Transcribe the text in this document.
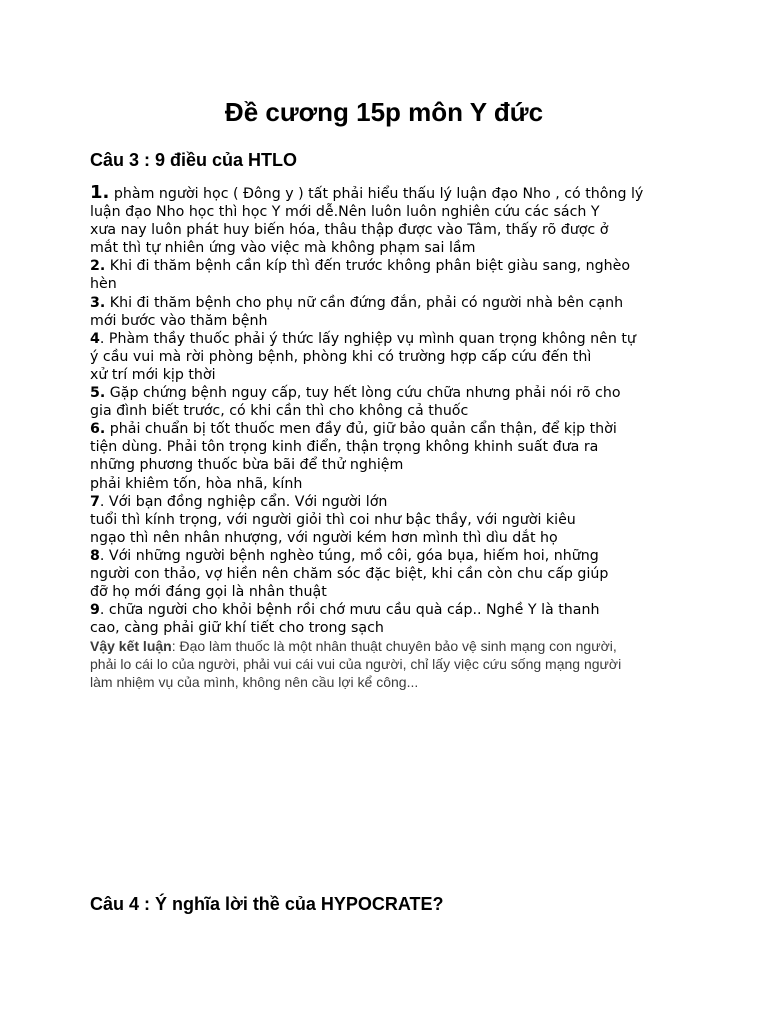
Đề cương 15p môn Y đức
Câu 3 : 9 điều của HTLO
1. phàm người học ( Đông y ) tất phải hiểu thấu lý luận đạo Nho , có thông lý
luận đạo Nho học thì học Y mới dễ.Nên luôn luôn nghiên cứu các sách Y
xưa nay luôn phát huy biến hóa, thâu thập được vào Tâm, thấy rõ được ở
mắt thì tự nhiên ứng vào việc mà không phạm sai lầm
2. Khi đi thăm bệnh cần kíp thì đến trước không phân biệt giàu sang, nghèo
hèn
3. Khi đi thăm bệnh cho phụ nữ cần đứng đắn, phải có người nhà bên cạnh
mới bước vào thăm bệnh
4. Phàm thầy thuốc phải ý thức lấy nghiệp vụ mình quan trọng không nên tự
ý cầu vui mà rời phòng bệnh, phòng khi có trường hợp cấp cứu đến thì
xử trí mới kịp thời
5. Gặp chứng bệnh nguy cấp, tuy hết lòng cứu chữa nhưng phải nói rõ cho
gia đình biết trước, có khi cần thì cho không cả thuốc
6. phải chuẩn bị tốt thuốc men đầy đủ, giữ bảo quản cẩn thận, để kịp thời
tiện dùng. Phải tôn trọng kinh điển, thận trọng không khinh suất đưa ra
những phương thuốc bừa bãi để thử nghiệm
phải khiêm tốn, hòa nhã, kính
7. Với bạn đồng nghiệp cẩn. Với người lớn
tuổi thì kính trọng, với người giỏi thì coi như bậc thầy, với người kiêu
ngạo thì nên nhân nhượng, với người kém hơn mình thì dìu dắt họ
8. Với những người bệnh nghèo túng, mồ côi, góa bụa, hiếm hoi, những
người con thảo, vợ hiền nên chăm sóc đặc biệt, khi cần còn chu cấp giúp
đỡ họ mới đáng gọi là nhân thuật
9. chữa người cho khỏi bệnh rồi chớ mưu cầu quà cáp.. Nghề Y là thanh
cao, càng phải giữ khí tiết cho trong sạch
Vậy kết luận: Đạo làm thuốc là một nhân thuật chuyên bảo vệ sinh mạng con người,
phải lo cái lo của người, phải vui cái vui của người, chỉ lấy việc cứu sống mạng người
làm nhiệm vụ của mình, không nên cầu lợi kể công...
Câu 4 : Ý nghĩa lời thề của HYPOCRATE?
